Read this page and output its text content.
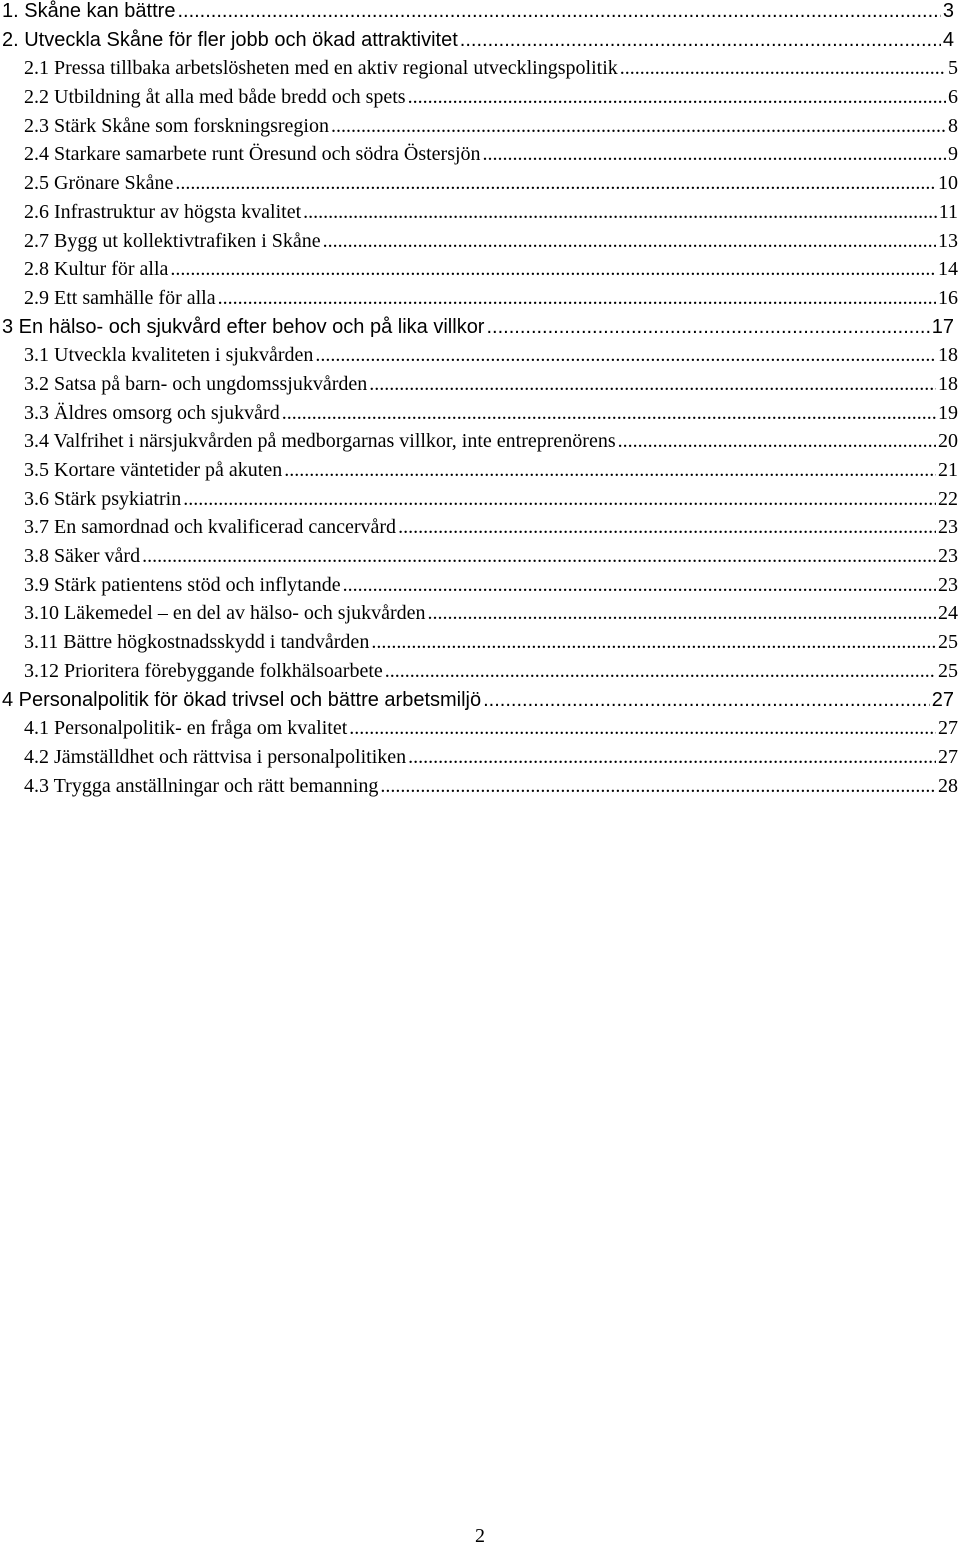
1. Skåne kan bättre .....	3
2. Utveckla Skåne för fler jobb och ökad attraktivitet .....	4
2.1 Pressa tillbaka arbetslösheten med en aktiv regional utvecklingspolitik .....	5
2.2 Utbildning åt alla med både bredd och spets .....	6
2.3 Stärk Skåne som forskningsregion .....	8
2.4 Starkare samarbete runt Öresund och södra Östersjön .....	9
2.5 Grönare Skåne .....	10
2.6 Infrastruktur av högsta kvalitet .....	11
2.7 Bygg ut kollektivtrafiken i Skåne .....	13
2.8 Kultur för alla .....	14
2.9 Ett samhälle för alla .....	16
3 En hälso- och sjukvård efter behov och på lika villkor .....	17
3.1 Utveckla kvaliteten i sjukvården .....	18
3.2 Satsa på barn- och ungdomssjukvården .....	18
3.3 Äldres omsorg och sjukvård .....	19
3.4 Valfrihet i närsjukvården på medborgarnas villkor, inte entreprenörens .....	20
3.5 Kortare väntetider på akuten .....	21
3.6 Stärk psykiatrin .....	22
3.7 En samordnad och kvalificerad cancervård .....	23
3.8 Säker vård .....	23
3.9 Stärk patientens stöd och inflytande .....	23
3.10 Läkemedel – en del av hälso- och sjukvården .....	24
3.11 Bättre högkostnadsskydd i tandvården .....	25
3.12 Prioritera förebyggande folkhälsoarbete .....	25
4 Personalpolitik för ökad trivsel och bättre arbetsmiljö .....	27
4.1 Personalpolitik- en fråga om kvalitet .....	27
4.2 Jämställdhet och rättvisa i personalpolitiken .....	27
4.3 Trygga anställningar och rätt bemanning .....	28
2
